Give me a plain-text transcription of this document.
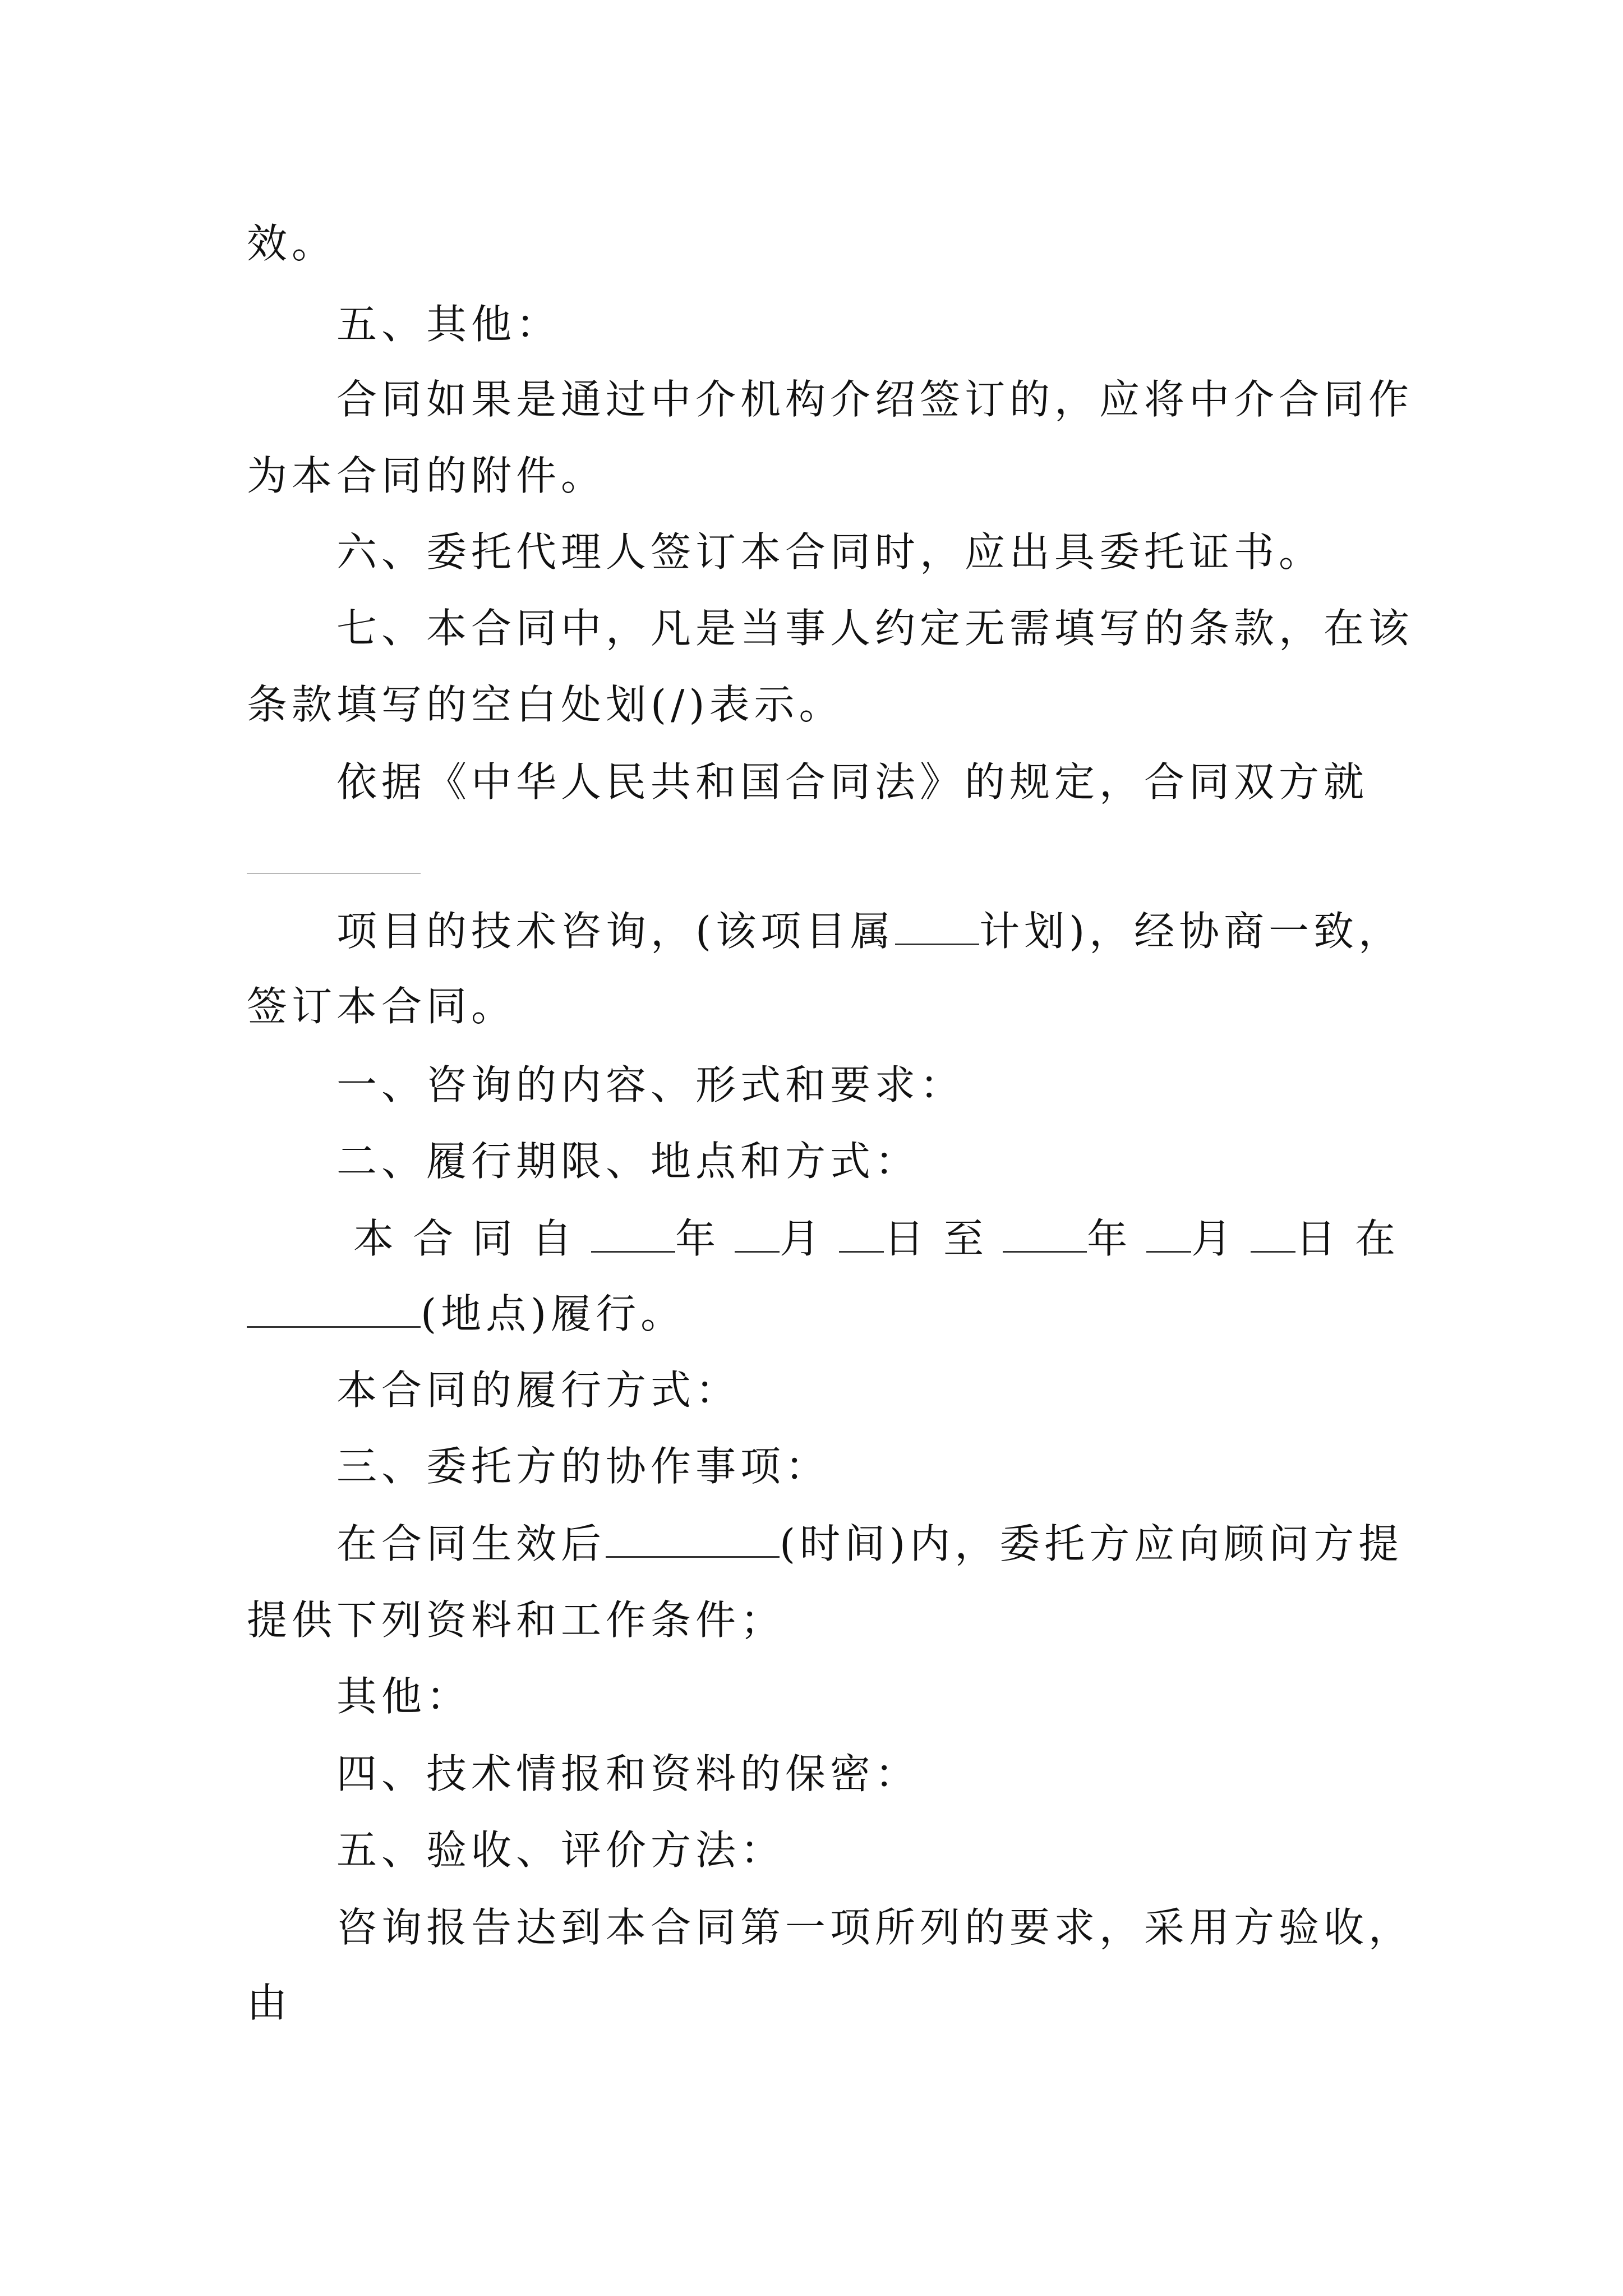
效。
五、其他：
合同如果是通过中介机构介绍签订的，应将中介合同作
为本合同的附件。
六、委托代理人签订本合同时，应出具委托证书。
七、本合同中，凡是当事人约定无需填写的条款，在该
条款填写的空白处划(/)表示。
依据《中华人民共和国合同法》的规定，合同双方就
项目的技术咨询，(该项目属 计划)，经协商一致，
签订本合同。
一、咨询的内容、形式和要求：
二、履行期限、地点和方式：
本合同自 年 月 日至 年 月 日在
(地点)履行。
本合同的履行方式：
三、委托方的协作事项：
在合同生效后	(时间)内，委托方应向顾问方提
提供下列资料和工作条件；
其他：
四、技术情报和资料的保密：
五、验收、评价方法：
咨询报告达到本合同第一项所列的要求，采用方验收，
由
